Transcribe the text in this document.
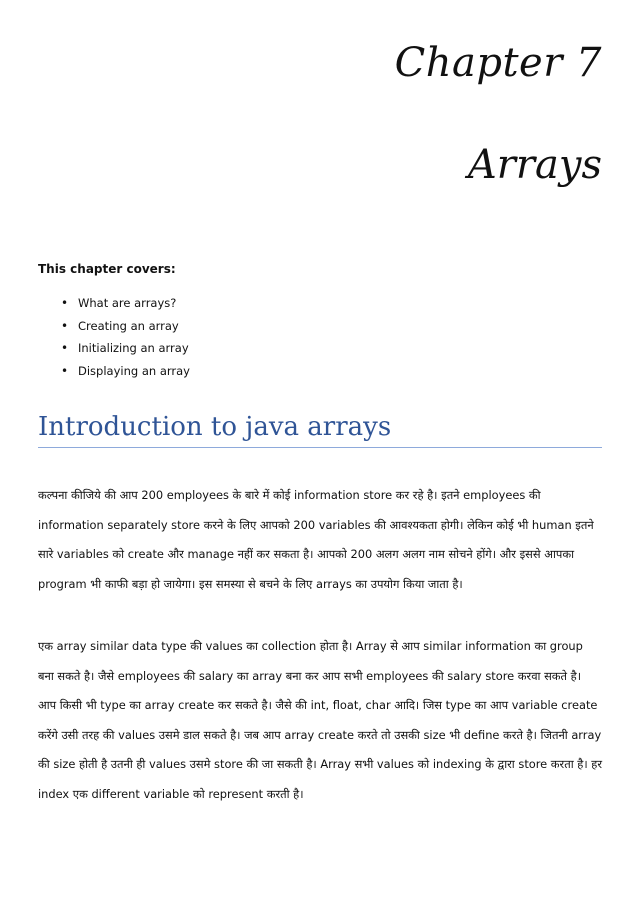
Chapter 7
Arrays
This chapter covers:
• What are arrays?
• Creating an array
• Initializing an array
• Displaying an array
Introduction to java arrays

कल्पना कीजिये की आप 200 employees के बारे में कोई information store कर रहे है। इतने employees की information separately store करने के लिए आपको 200 variables की आवश्यकता होगी। लेकिन कोई भी human इतने सारे variables को create और manage नहीं कर सकता है। आपको 200 अलग अलग नाम सोचने होंगे। और इससे आपका program भी काफी बड़ा हो जायेगा। इस समस्या से बचने के लिए arrays का उपयोग किया जाता है।

एक array similar data type की values का collection होता है। Array से आप similar information का group बना सकते है। जैसे employees की salary का array बना कर आप सभी employees की salary store करवा सकते है। आप किसी भी type का array create कर सकते है। जैसे की int, float, char आदि। जिस type का आप variable create करेंगे उसी तरह की values उसमे डाल सकते है। जब आप array create करते तो उसकी size भी define करते है। जितनी array की size होती है उतनी ही values उसमे store की जा सकती है। Array सभी values को indexing के द्वारा store करता है। हर index एक different variable को represent करती है।
